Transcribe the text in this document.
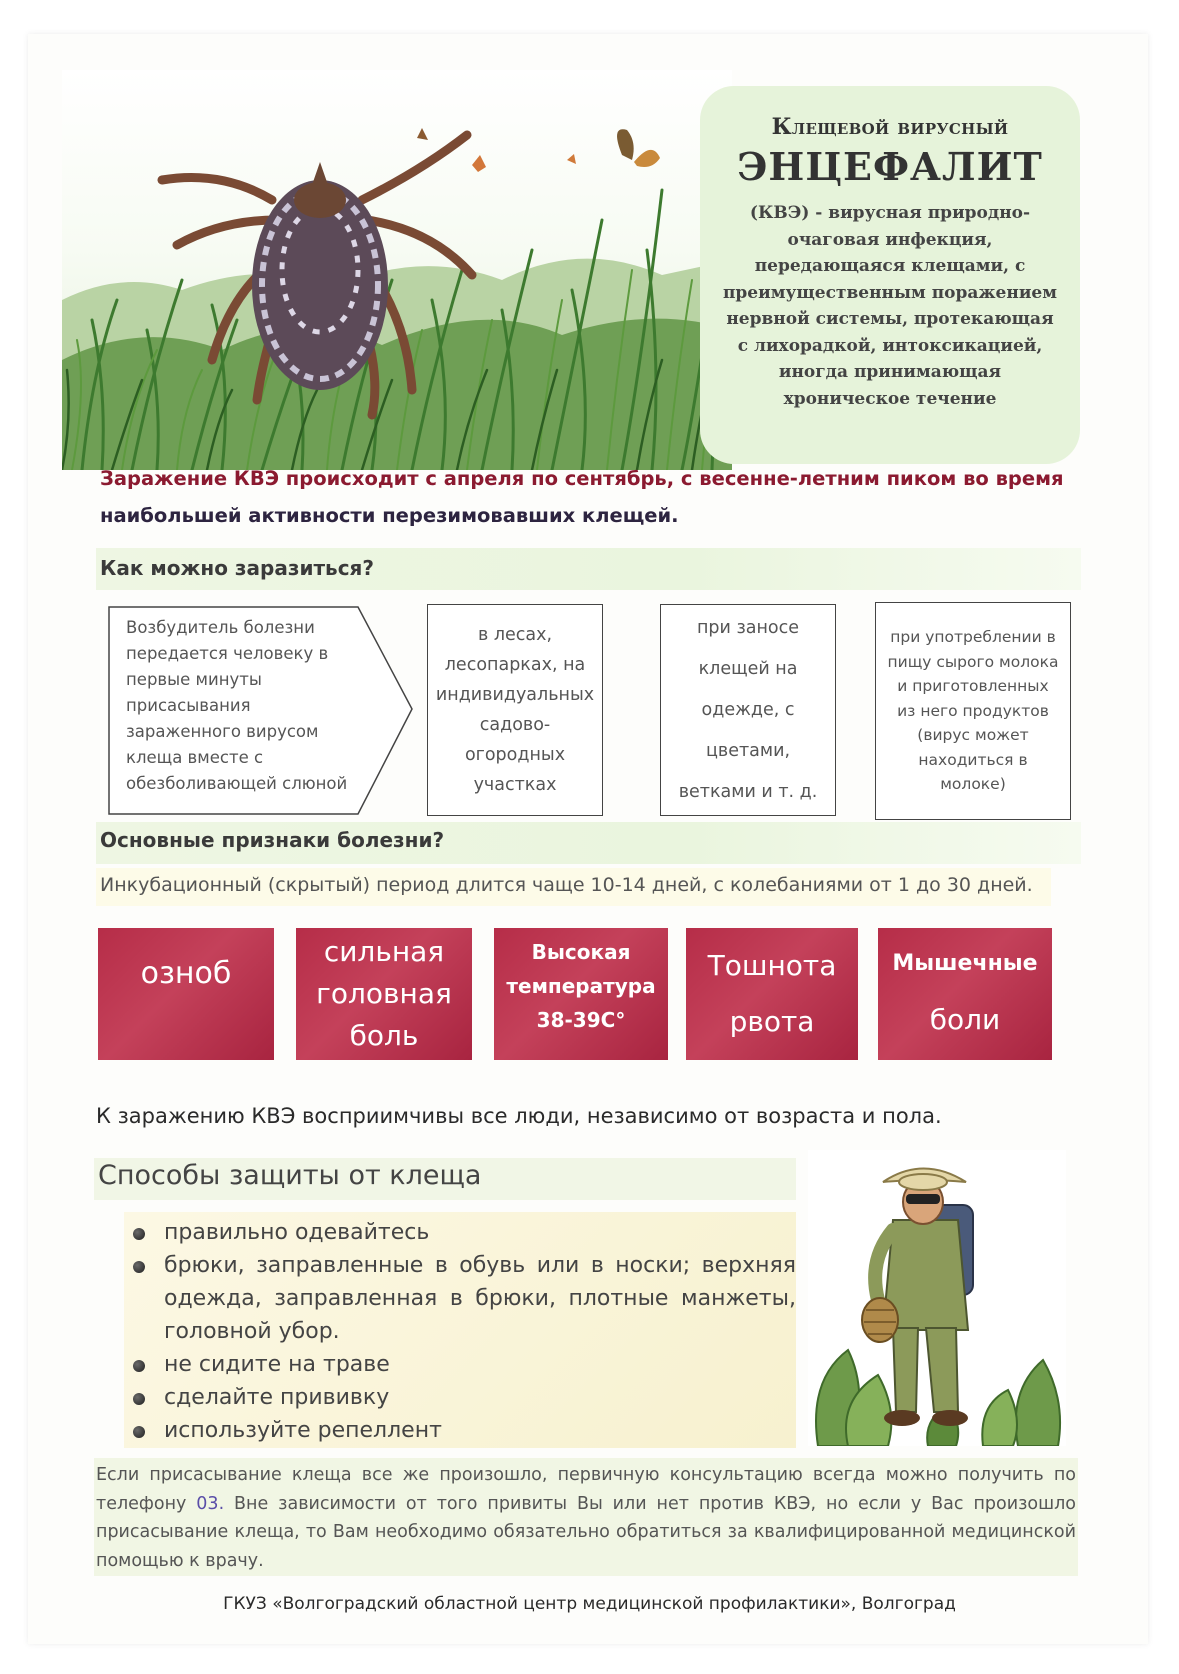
Клещевой вирусный
ЭНЦЕФАЛИТ
(КВЭ) - вирусная природно-очаговая инфекция, передающаяся клещами, с преимущественным поражением нервной системы, протекающая с лихорадкой, интоксикацией, иногда принимающая хроническое течение
Заражение КВЭ происходит с апреля по сентябрь, с весенне-летним пиком во время
наибольшей активности перезимовавших клещей.
Как можно заразиться?
Возбудитель болезни передается человеку в первые минуты присасывания зараженного вирусом клеща вместе с обезболивающей слюной
в лесах, лесопарках, на индивидуальных садово-огородных участках
при заносе клещей на одежде, с цветами, ветками и т. д.
при употреблении в пищу сырого молока и приготовленных из него продуктов (вирус может находиться в молоке)
Основные признаки болезни?
Инкубационный (скрытый) период длится чаще 10-14 дней, с колебаниями от 1 до 30 дней.
озноб
сильная головная боль
Высокая температура 38-39С°
Тошнота
рвота
Мышечные
боли
К заражению КВЭ восприимчивы все люди, независимо от возраста и пола.
Способы защиты от клеща
правильно одевайтесь
брюки, заправленные в обувь или в носки; верхняя одежда, заправленная в брюки, плотные манжеты, головной убор.
не сидите на траве
сделайте прививку
используйте репеллент
Если присасывание клеща все же произошло, первичную консультацию всегда можно получить по телефону 03. Вне зависимости от того привиты Вы или нет против КВЭ, но если у Вас произошло присасывание клеща, то Вам необходимо обязательно обратиться за квалифицированной медицинской помощью к врачу.
ГКУЗ «Волгоградский областной центр медицинской профилактики», Волгоград
